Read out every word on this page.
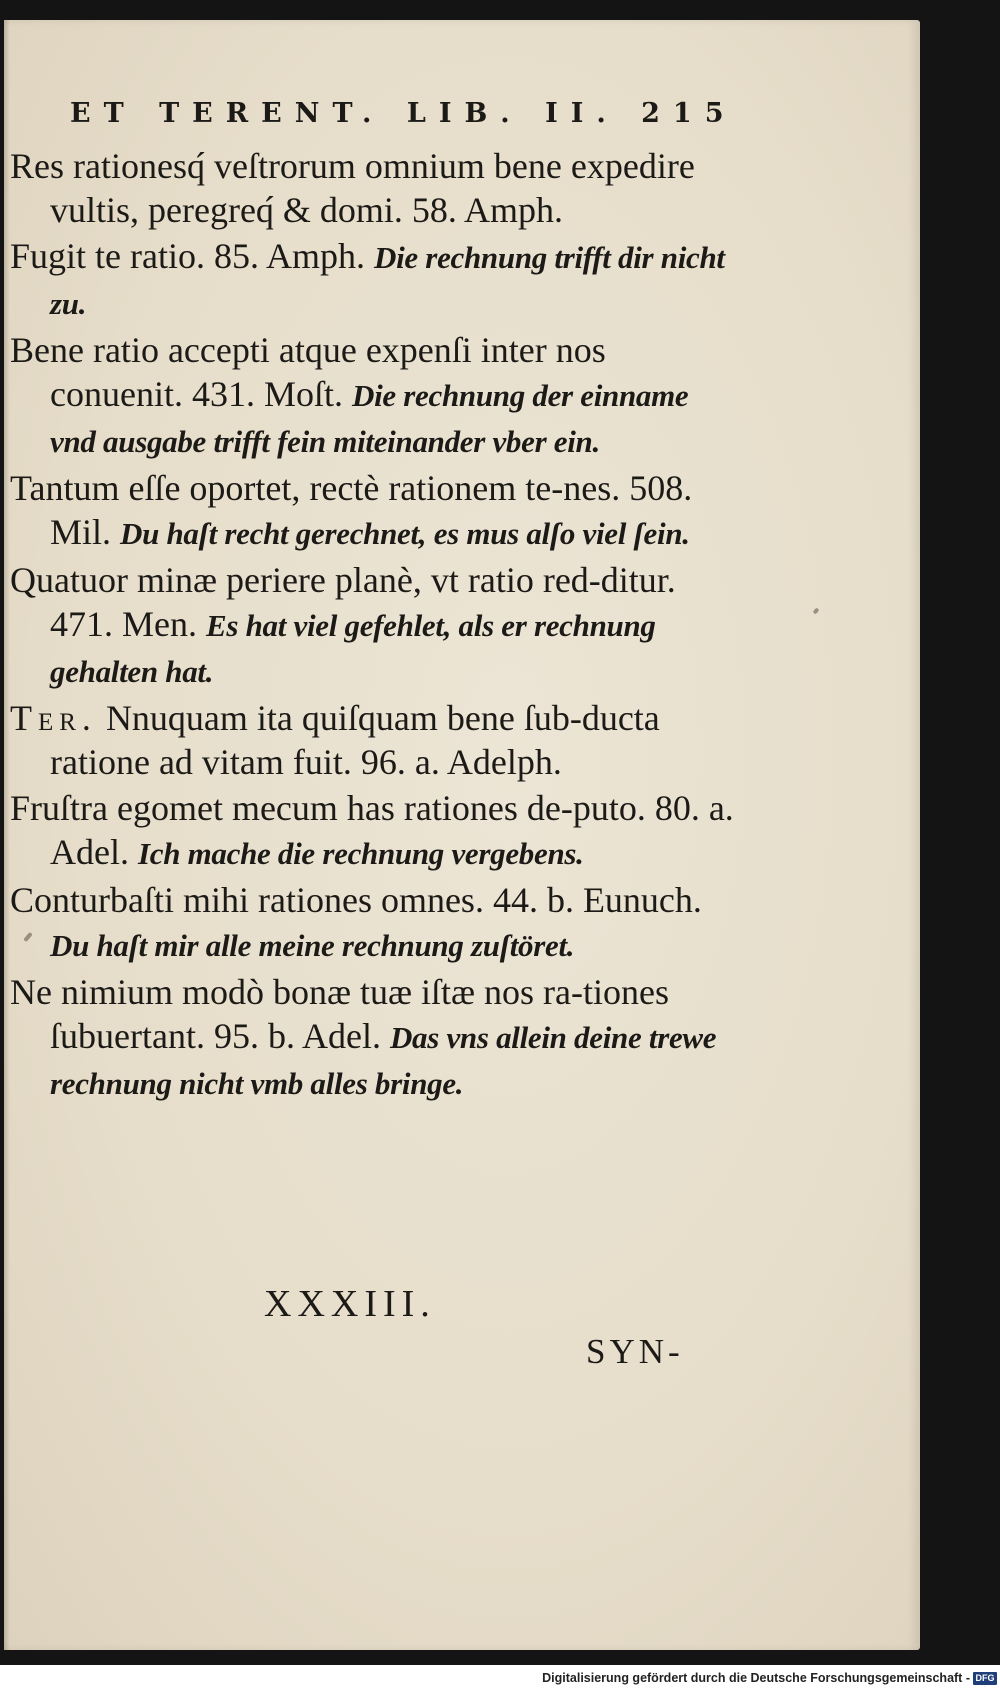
ET TERENT. LIB. II. 215

Res rationesq́ veſtrorum omnium bene expedire vultis, peregreq́ & domi. 58. Amph.

Fugit te ratio. 85. Amph. Die rechnung trifft dir nicht zu.

Bene ratio accepti atque expenſi inter nos conuenit. 431. Moſt. Die rechnung der einname vnd ausgabe trifft fein miteinander vber ein.

Tantum eſſe oportet, rectè rationem te-nes. 508. Mil. Du haſt recht gerechnet, es mus alſo viel ſein.

Quatuor minæ periere planè, vt ratio red-ditur. 471. Men. Es hat viel gefehlet, als er rechnung gehalten hat.

Ter. Nnuquam ita quiſquam bene ſub-ducta ratione ad vitam fuit. 96. a. Adelph.

Fruſtra egomet mecum has rationes de-puto. 80. a. Adel. Ich mache die rechnung vergebens.

Conturbaſti mihi rationes omnes. 44. b. Eunuch. Du haſt mir alle meine rechnung zuſtöret.

Ne nimium modò bonæ tuæ iſtæ nos ra-tiones ſubuertant. 95. b. Adel. Das vns allein deine trewe rechnung nicht vmb alles bringe.

XXXIII.
SYN-
Digitalisierung gefördert durch die Deutsche Forschungsgemeinschaft - DFG
